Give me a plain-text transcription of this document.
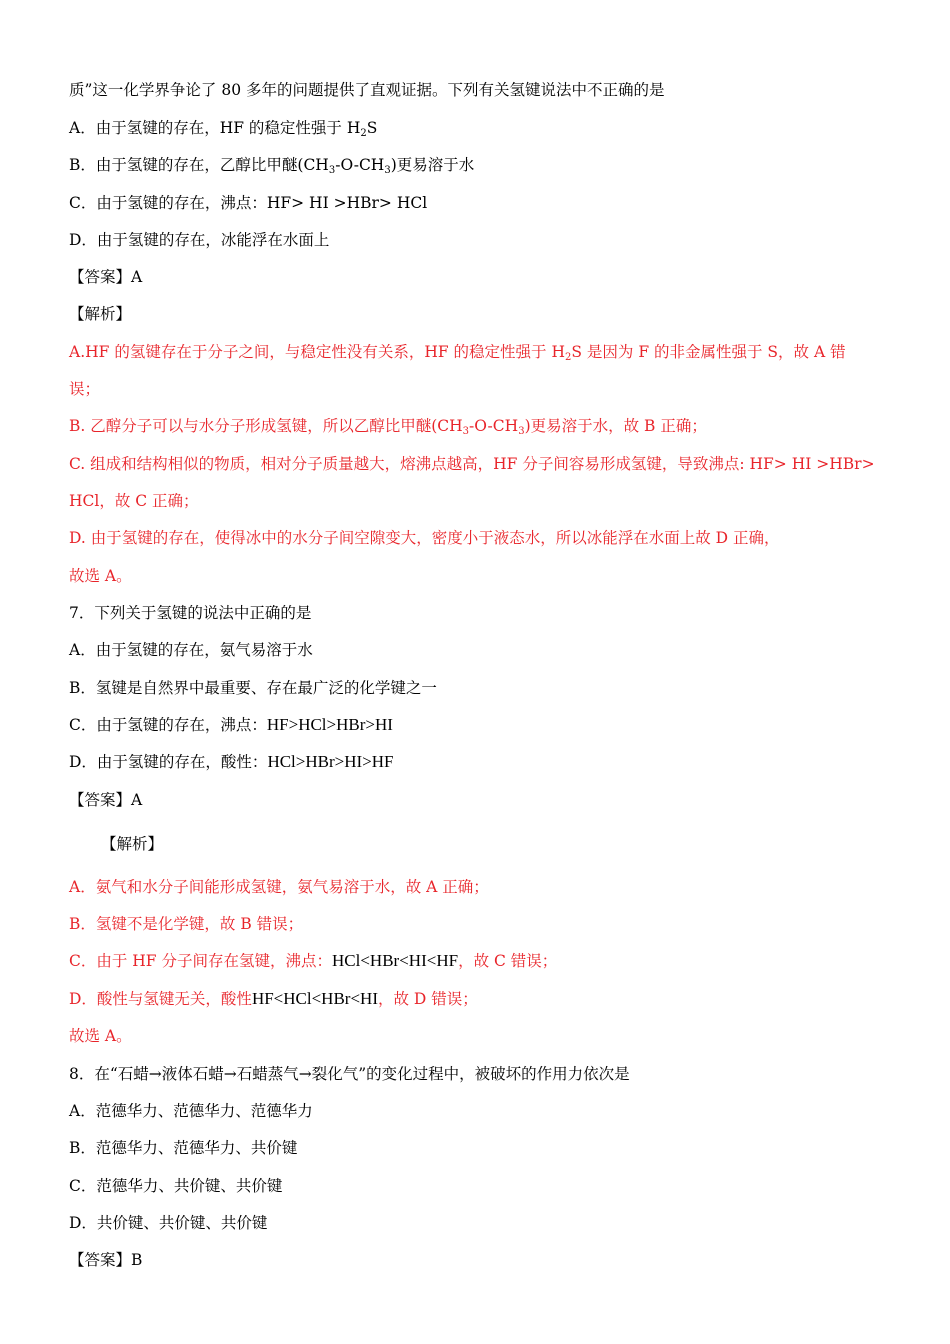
质”这一化学界争论了 80 多年的问题提供了直观证据。下列有关氢键说法中不正确的是
A．由于氢键的存在，HF 的稳定性强于 $H_2S$
B．由于氢键的存在，乙醇比甲醚$(CH_3-O-CH_3)$更易溶于水
C．由于氢键的存在，沸点：HF> HI >HBr> HCl
D．由于氢键的存在，冰能浮在水面上
【答案】A
【解析】
A.HF 的氢键存在于分子之间，与稳定性没有关系，HF 的稳定性强于 $H_2S$ 是因为 F 的非金属性强于 S，故 A 错
误；
B. 乙醇分子可以与水分子形成氢键，所以乙醇比甲醚$(CH_3-O-CH_3)$更易溶于水，故 B 正确；
C. 组成和结构相似的物质，相对分子质量越大，熔沸点越高，HF 分子间容易形成氢键，导致沸点: HF> HI >HBr>
HCl，故 C 正确；
D. 由于氢键的存在，使得冰中的水分子间空隙变大，密度小于液态水，所以冰能浮在水面上故 D 正确，
故选 A。
7．下列关于氢键的说法中正确的是
A．由于氢键的存在，氨气易溶于水
B．氢键是自然界中最重要、存在最广泛的化学键之一
C．由于氢键的存在，沸点：HF>HCl>HBr>HI
D．由于氢键的存在，酸性：HCl>HBr>HI>HF
【答案】A
【解析】
A．氨气和水分子间能形成氢键，氨气易溶于水，故 A 正确；
B．氢键不是化学键，故 B 错误；
C．由于 HF 分子间存在氢键，沸点：HCl<HBr<HI<HF，故 C 错误；
D．酸性与氢键无关，酸性HF<HCl<HBr<HI，故 D 错误；
故选 A。
8．在“石蜡→液体石蜡→石蜡蒸气→裂化气”的变化过程中，被破坏的作用力依次是
A．范德华力、范德华力、范德华力
B．范德华力、范德华力、共价键
C．范德华力、共价键、共价键
D．共价键、共价键、共价键
【答案】B
